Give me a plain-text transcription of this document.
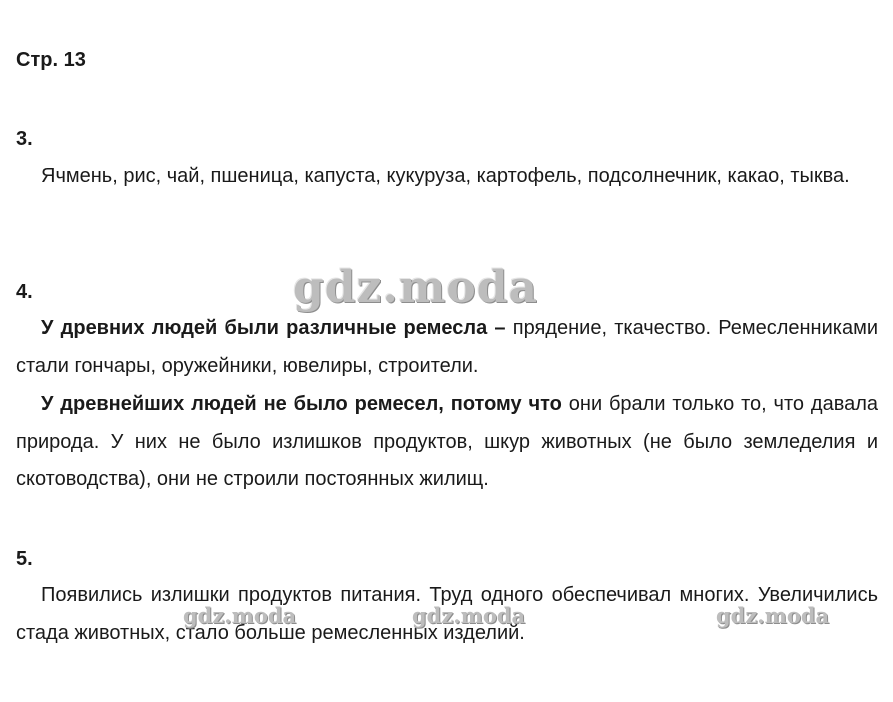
Стр. 13
3.

Ячмень, рис, чай, пшеница, капуста, кукуруза, картофель, подсолнечник, какао, тыква.

4.

У древних людей были различные ремесла – прядение, ткачество. Ремесленниками стали гончары, оружейники, ювелиры, строители.

У древнейших людей не было ремесел, потому что они брали только то, что давала природа. У них не было излишков продуктов, шкур животных (не было земледелия и скотоводства), они не строили постоянных жилищ.

5.

Появились излишки продуктов питания. Труд одного обеспечивал многих. Увеличились стада животных, стало больше ремесленных изделий.

gdz.moda
gdz.moda	gdz.moda	gdz.moda
